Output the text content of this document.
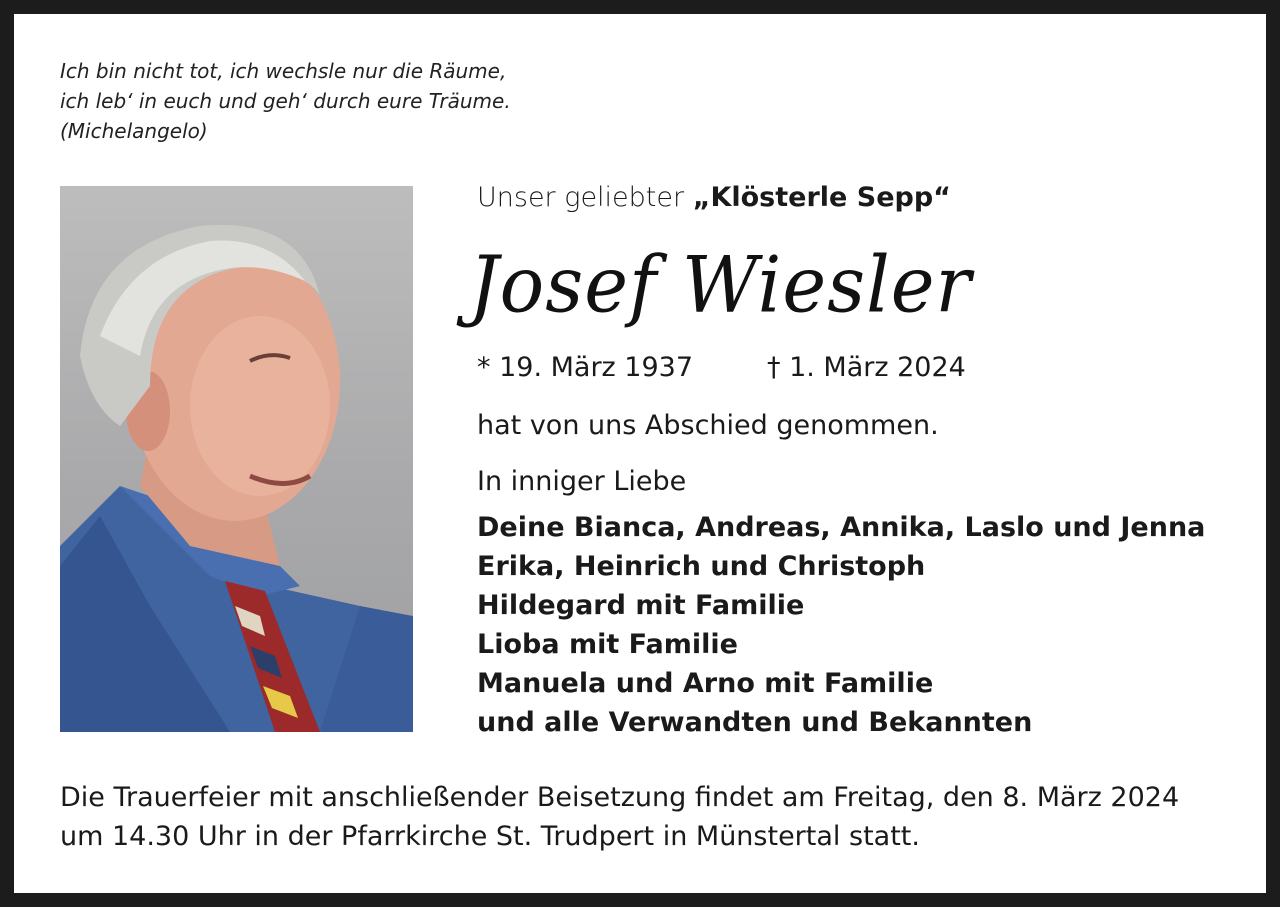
Ich bin nicht tot, ich wechsle nur die Räume,
ich leb‘ in euch und geh‘ durch eure Träume.
(Michelangelo)
Unser geliebter „Klösterle Sepp“
Josef Wiesler
* 19. März 1937	† 1. März 2024
hat von uns Abschied genommen.
In inniger Liebe
Deine Bianca, Andreas, Annika, Laslo und Jenna
Erika, Heinrich und Christoph
Hildegard mit Familie
Lioba mit Familie
Manuela und Arno mit Familie
und alle Verwandten und Bekannten
Die Trauerfeier mit anschließender Beisetzung findet am Freitag, den 8. März 2024
um 14.30 Uhr in der Pfarrkirche St. Trudpert in Münstertal statt.
